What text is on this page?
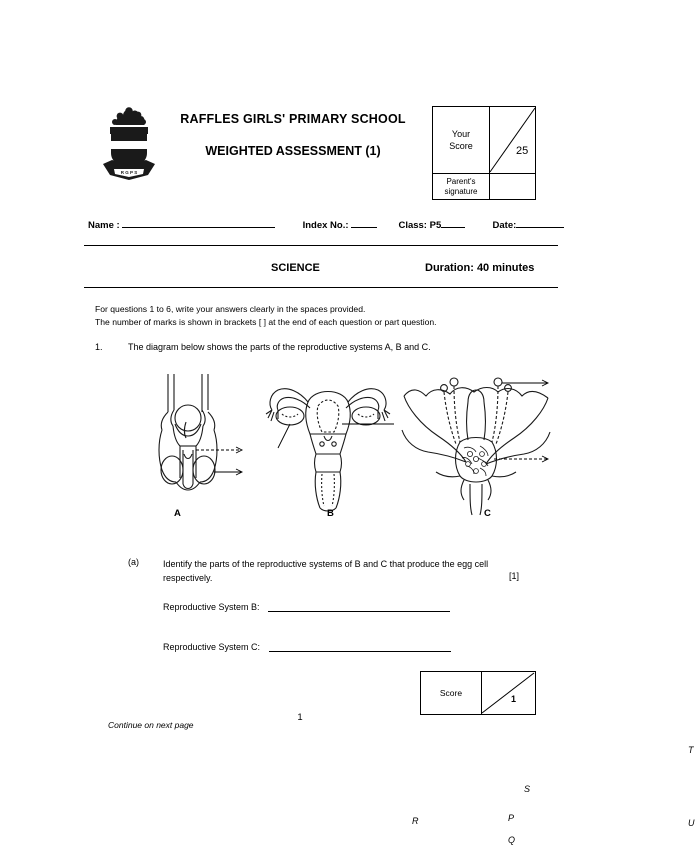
R G P S
RAFFLES GIRLS' PRIMARY SCHOOL
WEIGHTED ASSESSMENT (1)
Your
Score
Parent's
signature
25
Name :	Index No.:	Class: P5	Date:
SCIENCE	Duration: 40 minutes
For questions 1 to 6, write your answers clearly in the spaces provided.
The number of marks is shown in brackets [ ] at the end of each question or part question.
1.	The diagram below shows the parts of the reproductive systems A, B and C.
P
Q
R
S
T
U
A	B	C
(a)	Identify the parts of the reproductive systems of B and C that produce the egg cell respectively.	[1]
Reproductive System B:
Reproductive System C:
Score
1
Continue on next page
1
